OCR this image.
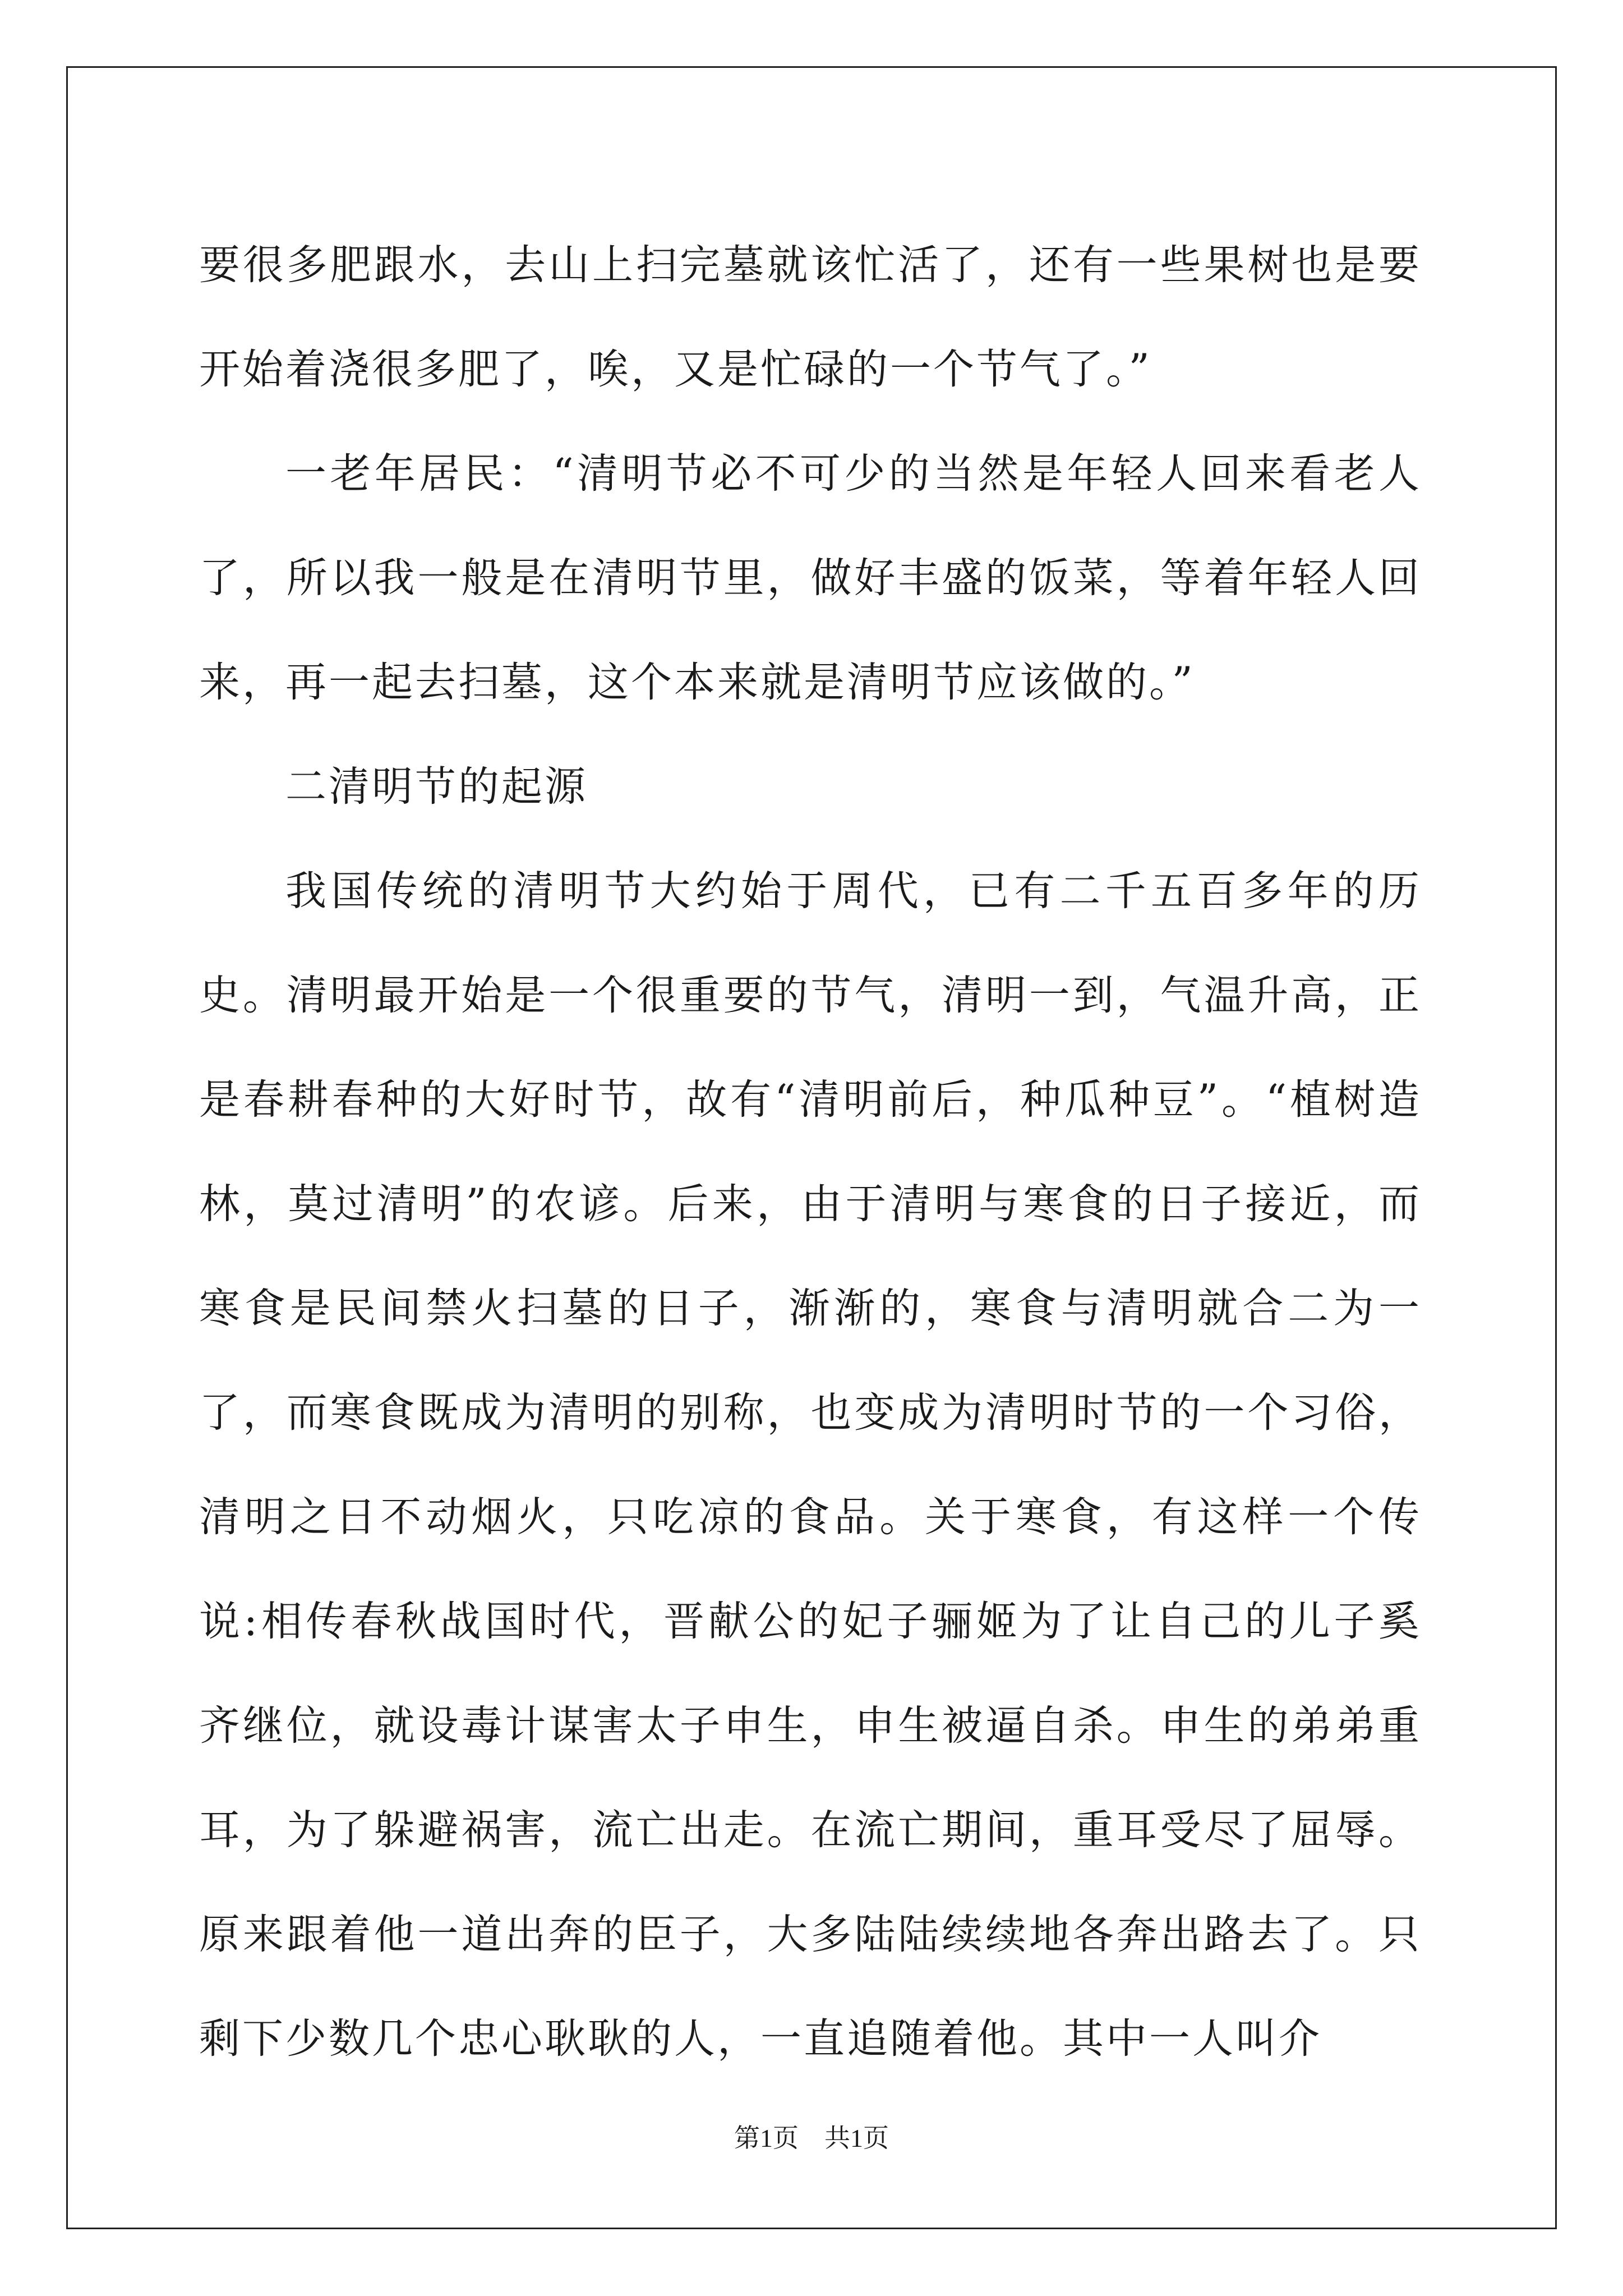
要很多肥跟水，去山上扫完墓就该忙活了，还有一些果树也是要开始着浇很多肥了，唉，又是忙碌的一个节气了。”

一老年居民：“清明节必不可少的当然是年轻人回来看老人了，所以我一般是在清明节里，做好丰盛的饭菜，等着年轻人回来，再一起去扫墓，这个本来就是清明节应该做的。”

二清明节的起源

我国传统的清明节大约始于周代，已有二千五百多年的历史。清明最开始是一个很重要的节气，清明一到，气温升高，正是春耕春种的大好时节，故有“清明前后，种瓜种豆”。“植树造林，莫过清明”的农谚。后来，由于清明与寒食的日子接近，而寒食是民间禁火扫墓的日子，渐渐的，寒食与清明就合二为一了，而寒食既成为清明的别称，也变成为清明时节的一个习俗，清明之日不动烟火，只吃凉的食品。关于寒食，有这样一个传说:相传春秋战国时代，晋献公的妃子骊姬为了让自己的儿子奚齐继位，就设毒计谋害太子申生，申生被逼自杀。申生的弟弟重耳，为了躲避祸害，流亡出走。在流亡期间，重耳受尽了屈辱。原来跟着他一道出奔的臣子，大多陆陆续续地各奔出路去了。只剩下少数几个忠心耿耿的人，一直追随着他。其中一人叫介

第1页 共1页
